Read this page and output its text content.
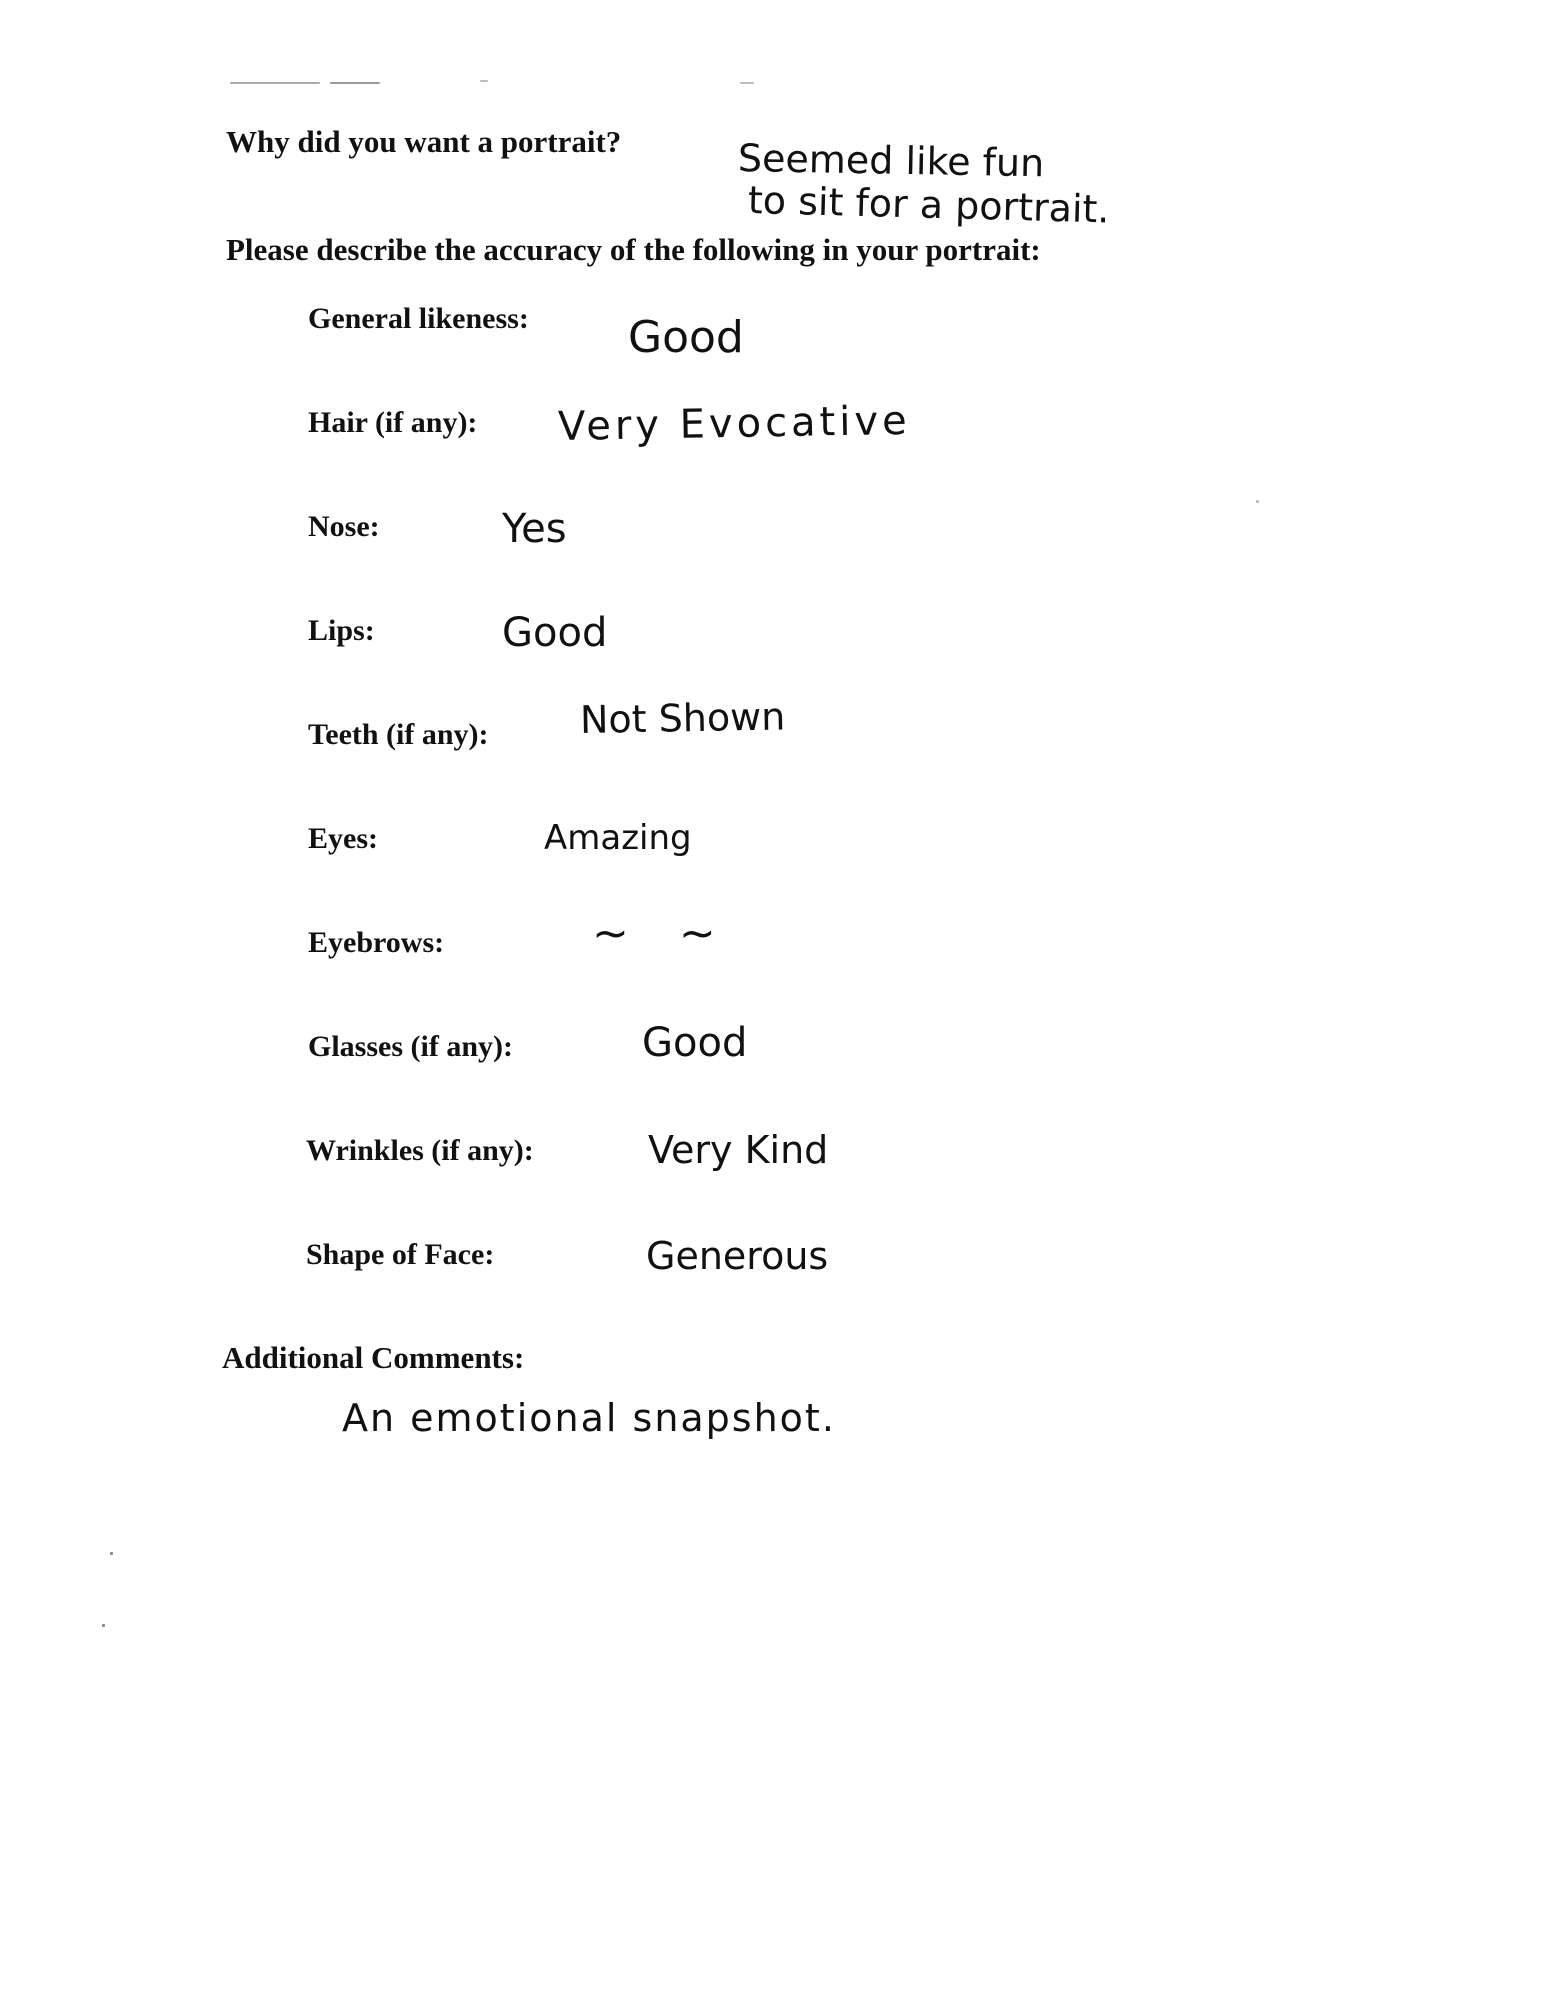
Why did you want a portrait?	Seemed like fun
to sit for a portrait.
Please describe the accuracy of the following in your portrait:
General likeness: Good
Hair (if any): Very Evocative
Nose:	Yes
Lips:	Good
Teeth (if any): Not Shown
Eyes:	Amazing
Eyebrows:	~ ~
Glasses (if any):	Good
Wrinkles (if any):	Very Kind
Shape of Face:	Generous
Additional Comments:
An emotional snapshot.
